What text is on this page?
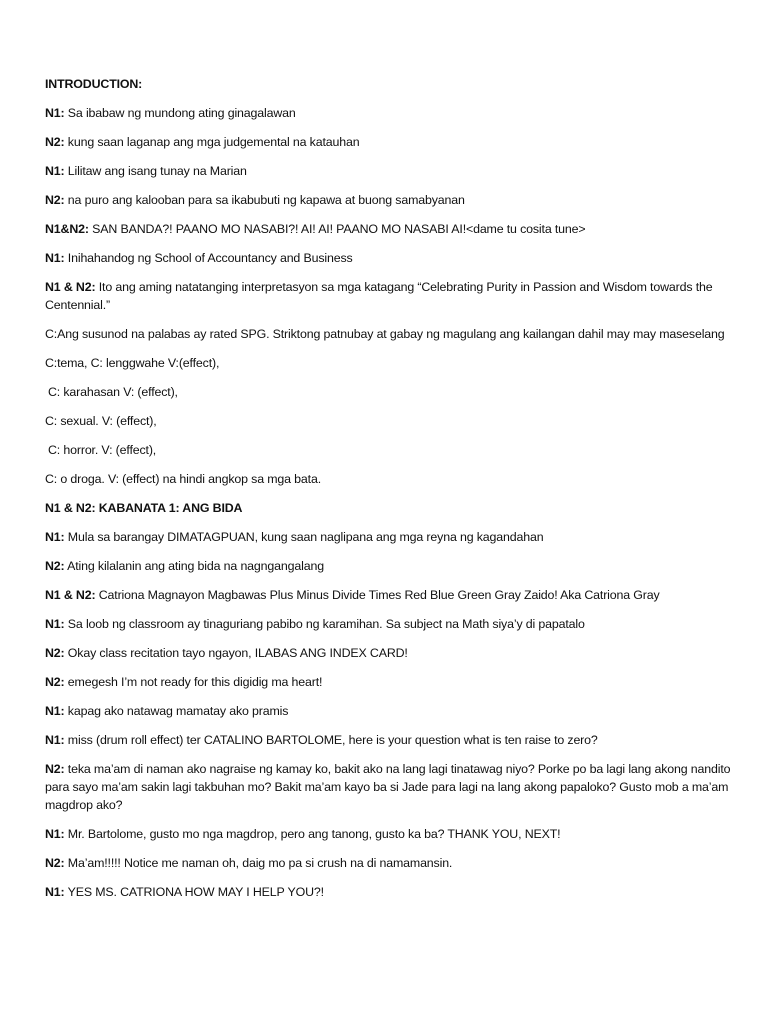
INTRODUCTION:

N1: Sa ibabaw ng mundong ating ginagalawan

N2: kung saan laganap ang mga judgemental na katauhan

N1: Lilitaw ang isang tunay na Marian

N2: na puro ang kalooban para sa ikabubuti ng kapawa at buong samabyanan

N1&N2: SAN BANDA?! PAANO MO NASABI?! AI! AI! PAANO MO NASABI AI!<dame tu cosita tune>

N1: Inihahandog ng School of Accountancy and Business

N1 & N2: Ito ang aming natatanging interpretasyon sa mga katagang “Celebrating Purity in Passion and Wisdom towards the Centennial.”

C:Ang susunod na palabas ay rated SPG. Striktong patnubay at gabay ng magulang ang kailangan dahil may may maseselang

C:tema, C: lenggwahe V:(effect),

C: karahasan V: (effect),

C: sexual. V: (effect),

C: horror. V: (effect),

C: o droga. V: (effect) na hindi angkop sa mga bata.

N1 & N2: KABANATA 1: ANG BIDA

N1: Mula sa barangay DIMATAGPUAN, kung saan naglipana ang mga reyna ng kagandahan

N2: Ating kilalanin ang ating bida na nagngangalang

N1 & N2: Catriona Magnayon Magbawas Plus Minus Divide Times Red Blue Green Gray Zaido! Aka Catriona Gray

N1: Sa loob ng classroom ay tinaguriang pabibo ng karamihan. Sa subject na Math siya’y di papatalo

N2: Okay class recitation tayo ngayon, ILABAS ANG INDEX CARD!

N2: emegesh I’m not ready for this digidig ma heart!

N1: kapag ako natawag mamatay ako pramis

N1: miss (drum roll effect) ter CATALINO BARTOLOME, here is your question what is ten raise to zero?

N2: teka ma’am di naman ako nagraise ng kamay ko, bakit ako na lang lagi tinatawag niyo? Porke po ba lagi lang akong nandito para sayo ma’am sakin lagi takbuhan mo? Bakit ma’am kayo ba si Jade para lagi na lang akong papaloko? Gusto mob a ma’am magdrop ako?

N1: Mr. Bartolome, gusto mo nga magdrop, pero ang tanong, gusto ka ba? THANK YOU, NEXT!

N2: Ma’am!!!!! Notice me naman oh, daig mo pa si crush na di namamansin.

N1: YES MS. CATRIONA HOW MAY I HELP YOU?!
